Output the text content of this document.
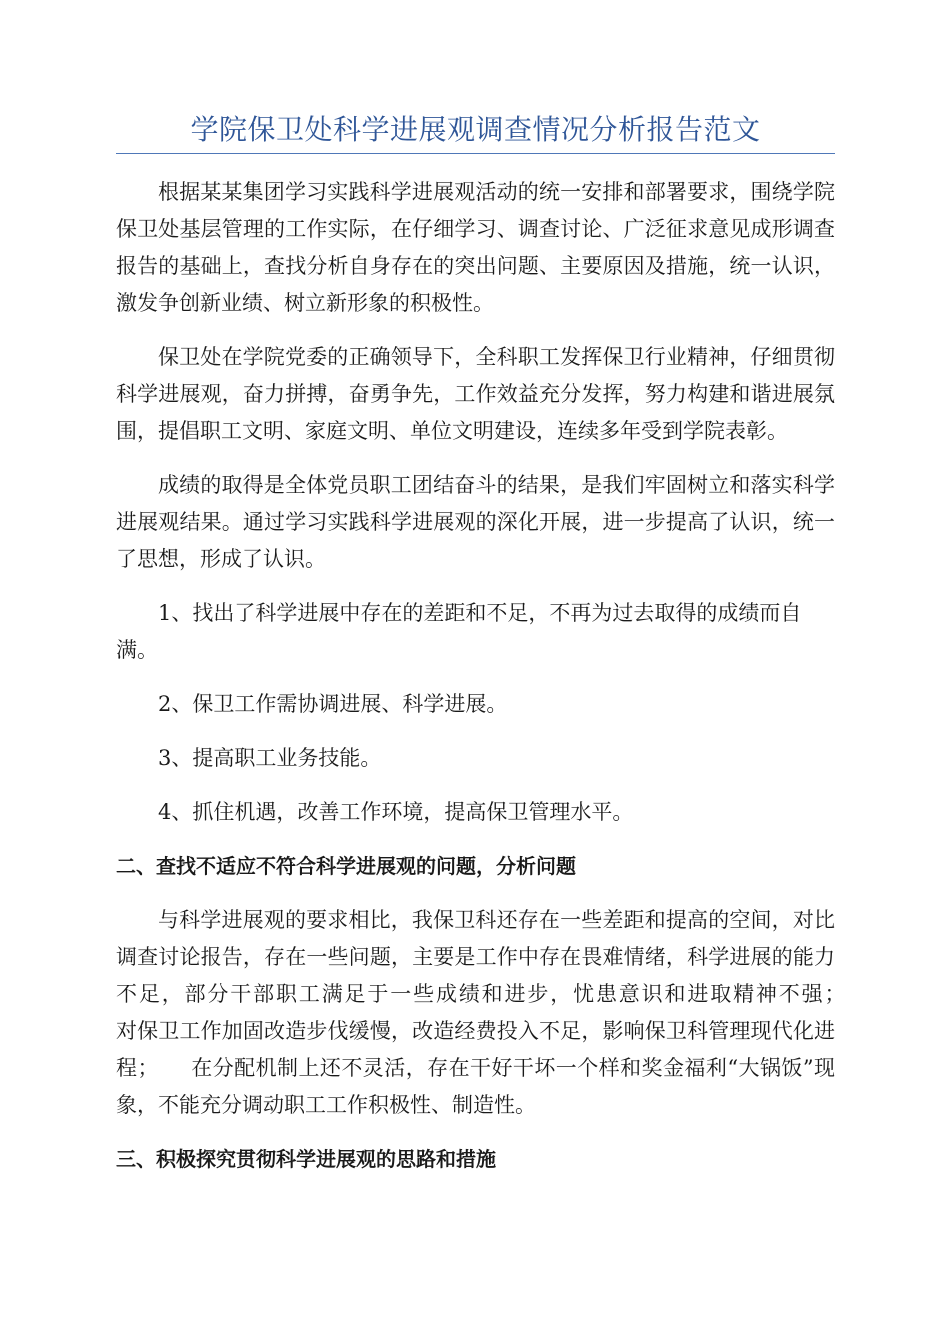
学院保卫处科学进展观调查情况分析报告范文

根据某某集团学习实践科学进展观活动的统一安排和部署要求，围绕学院保卫处基层管理的工作实际，在仔细学习、调查讨论、广泛征求意见成形调查报告的基础上，查找分析自身存在的突出问题、主要原因及措施，统一认识，激发争创新业绩、树立新形象的积极性。

保卫处在学院党委的正确领导下，全科职工发挥保卫行业精神，仔细贯彻科学进展观，奋力拼搏，奋勇争先，工作效益充分发挥，努力构建和谐进展氛围，提倡职工文明、家庭文明、单位文明建设，连续多年受到学院表彰。

成绩的取得是全体党员职工团结奋斗的结果，是我们牢固树立和落实科学进展观结果。通过学习实践科学进展观的深化开展，进一步提高了认识，统一了思想，形成了认识。

1、找出了科学进展中存在的差距和不足，不再为过去取得的成绩而自满。

2、保卫工作需协调进展、科学进展。

3、提高职工业务技能。

4、抓住机遇，改善工作环境，提高保卫管理水平。

二、查找不适应不符合科学进展观的问题，分析问题

与科学进展观的要求相比，我保卫科还存在一些差距和提高的空间，对比调查讨论报告，存在一些问题，主要是工作中存在畏难情绪，科学进展的能力不足，部分干部职工满足于一些成绩和进步，忧患意识和进取精神不强；　　对保卫工作加固改造步伐缓慢，改造经费投入不足，影响保卫科管理现代化进程；　　在分配机制上还不灵活，存在干好干坏一个样和奖金福利“大锅饭”现象，不能充分调动职工工作积极性、制造性。

三、积极探究贯彻科学进展观的思路和措施
